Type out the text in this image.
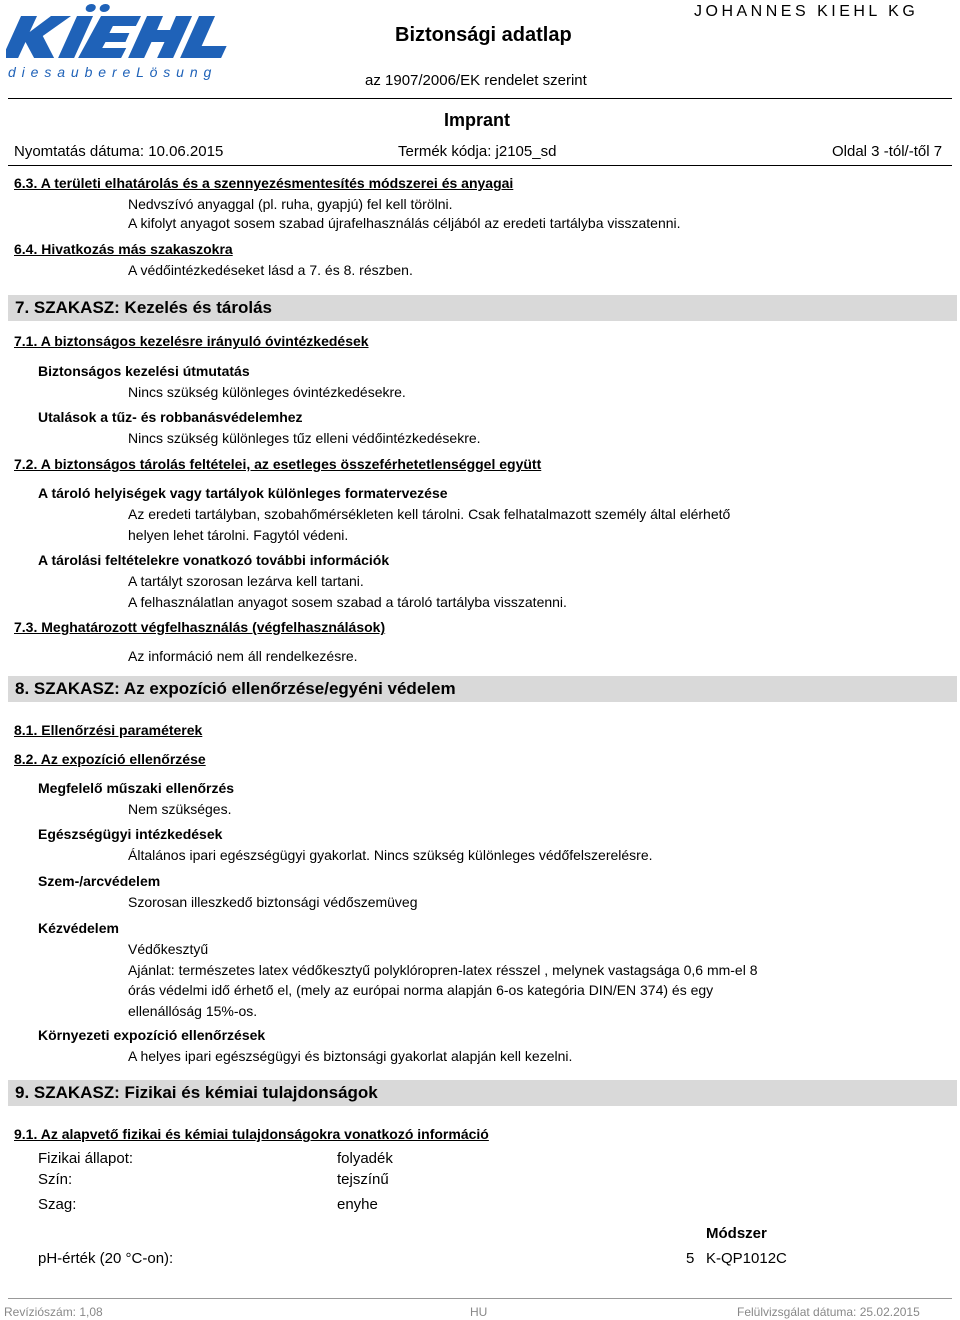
d i e s a u b e r e L ö s u n g
Biztonsági adatlap
JOHANNES KIEHL KG
az 1907/2006/EK rendelet szerint
Imprant
Nyomtatás dátuma: 10.06.2015	Termék kódja: j2105_sd	Oldal 3 -tól/-től 7
6.3. A területi elhatárolás és a szennyezésmentesítés módszerei és anyagai
Nedvszívó anyaggal (pl. ruha, gyapjú) fel kell törölni.
A kifolyt anyagot sosem szabad újrafelhasználás céljából az eredeti tartályba visszatenni.
6.4. Hivatkozás más szakaszokra
A védőintézkedéseket lásd a 7. és 8. részben.
7. SZAKASZ: Kezelés és tárolás
7.1. A biztonságos kezelésre irányuló óvintézkedések
Biztonságos kezelési útmutatás
Nincs szükség különleges óvintézkedésekre.
Utalások a tűz- és robbanásvédelemhez
Nincs szükség különleges tűz elleni védőintézkedésekre.
7.2. A biztonságos tárolás feltételei, az esetleges összeférhetetlenséggel együtt
A tároló helyiségek vagy tartályok különleges formatervezése
Az eredeti tartályban, szobahőmérsékleten kell tárolni. Csak felhatalmazott személy által elérhető
helyen lehet tárolni. Fagytól védeni.
A tárolási feltételekre vonatkozó további információk
A tartályt szorosan lezárva kell tartani.
A felhasználatlan anyagot sosem szabad a tároló tartályba visszatenni.
7.3. Meghatározott végfelhasználás (végfelhasználások)
Az információ nem áll rendelkezésre.
8. SZAKASZ: Az expozíció ellenőrzése/egyéni védelem
8.1. Ellenőrzési paraméterek
8.2. Az expozíció ellenőrzése
Megfelelő műszaki ellenőrzés
Nem szükséges.
Egészségügyi intézkedések
Általános ipari egészségügyi gyakorlat. Nincs szükség különleges védőfelszerelésre.
Szem-/arcvédelem
Szorosan illeszkedő biztonsági védőszemüveg
Kézvédelem
Védőkesztyű
Ajánlat: természetes latex védőkesztyű polyklóropren-latex résszel , melynek vastagsága 0,6 mm-el 8
órás védelmi idő érhető el, (mely az európai norma alapján 6-os kategória DIN/EN 374) és egy
ellenállóság 15%-os.
Környezeti expozíció ellenőrzések
A helyes ipari egészségügyi és biztonsági gyakorlat alapján kell kezelni.
9. SZAKASZ: Fizikai és kémiai tulajdonságok
9.1. Az alapvető fizikai és kémiai tulajdonságokra vonatkozó információ
Fizikai állapot:	folyadék
Szín:	tejszínű
Szag:	enyhe
Módszer
pH-érték (20 °C-on):	5 K-QP1012C
Revíziószám: 1,08	HU	Felülvizsgálat dátuma: 25.02.2015
